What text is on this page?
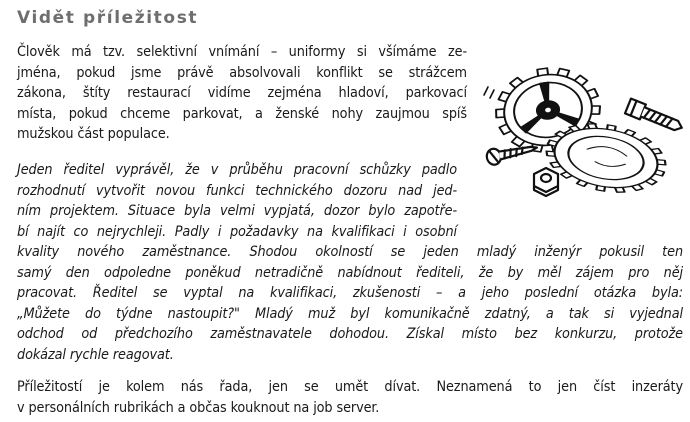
Vidět příležitost
Člověk má tzv. selektivní vnímání – uniformy si všímáme ze-
jména, pokud jsme právě absolvovali konflikt se strážcem
zákona, štíty restaurací vidíme zejména hladoví, parkovací
místa, pokud chceme parkovat, a ženské nohy zaujmou spíš
mužskou část populace.
Jeden ředitel vyprávěl, že v průběhu pracovní schůzky padlo
rozhodnutí vytvořit novou funkci technického dozoru nad jed-
ním projektem. Situace byla velmi vypjatá, dozor bylo zapotře-
bí najít co nejrychleji. Padly i požadavky na kvalifikaci i osobní
kvality nového zaměstnance. Shodou okolností se jeden mladý inženýr pokusil ten
samý den odpoledne poněkud netradičně nabídnout řediteli, že by měl zájem pro něj
pracovat. Ředitel se vyptal na kvalifikaci, zkušenosti – a jeho poslední otázka byla:
„Můžete do týdne nastoupit?" Mladý muž byl komunikačně zdatný, a tak si vyjednal
odchod od předchozího zaměstnavatele dohodou. Získal místo bez konkurzu, protože
dokázal rychle reagovat.
Příležitostí je kolem nás řada, jen se umět dívat. Neznamená to jen číst inzeráty
v personálních rubrikách a občas kouknout na job server.
